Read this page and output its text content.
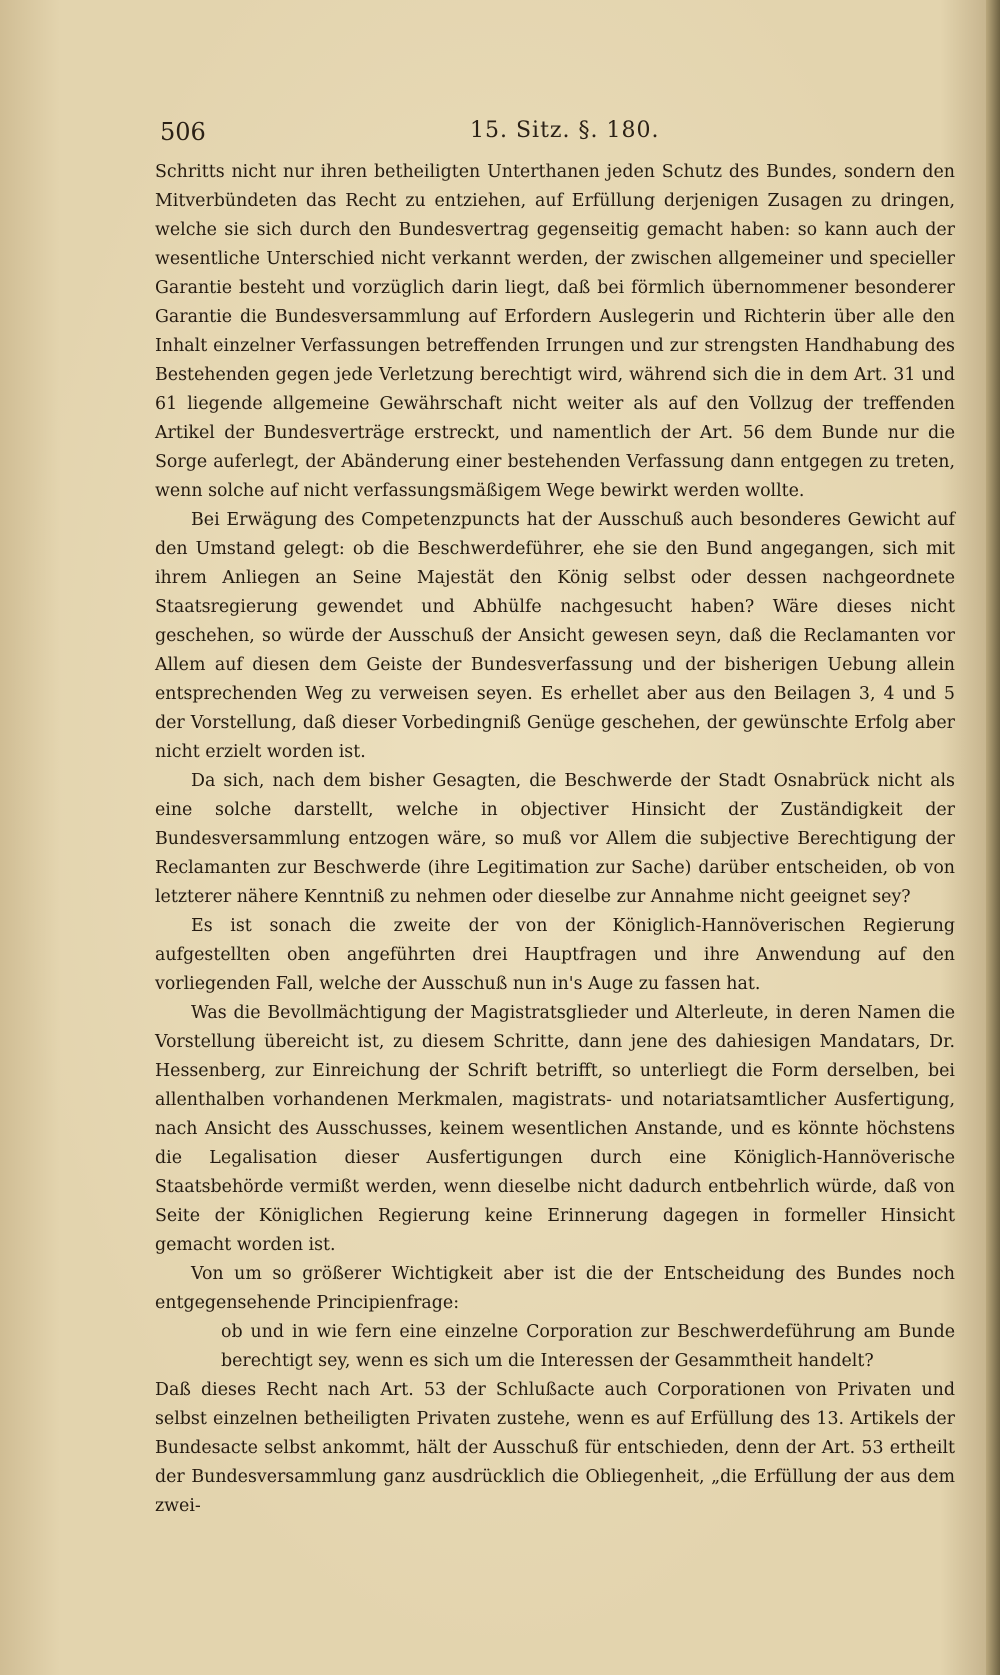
506	15. Sitz. §. 180.

Schritts nicht nur ihren betheiligten Unterthanen jeden Schutz des Bundes, sondern den Mitverbündeten das Recht zu entziehen, auf Erfüllung derjenigen Zusagen zu dringen, welche sie sich durch den Bundesvertrag gegenseitig gemacht haben: so kann auch der wesentliche Unterschied nicht verkannt werden, der zwischen allgemeiner und specieller Garantie besteht und vorzüglich darin liegt, daß bei förmlich übernommener besonderer Garantie die Bundesversammlung auf Erfordern Auslegerin und Richterin über alle den Inhalt einzelner Verfassungen betreffenden Irrungen und zur strengsten Handhabung des Bestehenden gegen jede Verletzung berechtigt wird, während sich die in dem Art. 31 und 61 liegende allgemeine Gewährschaft nicht weiter als auf den Vollzug der treffenden Artikel der Bundesverträge erstreckt, und namentlich der Art. 56 dem Bunde nur die Sorge auferlegt, der Abänderung einer bestehenden Verfassung dann entgegen zu treten, wenn solche auf nicht verfassungsmäßigem Wege bewirkt werden wollte.

Bei Erwägung des Competenzpuncts hat der Ausschuß auch besonderes Gewicht auf den Umstand gelegt: ob die Beschwerdeführer, ehe sie den Bund angegangen, sich mit ihrem Anliegen an Seine Majestät den König selbst oder dessen nachgeordnete Staatsregierung gewendet und Abhülfe nachgesucht haben? Wäre dieses nicht geschehen, so würde der Ausschuß der Ansicht gewesen seyn, daß die Reclamanten vor Allem auf diesen dem Geiste der Bundesverfassung und der bisherigen Uebung allein entsprechenden Weg zu verweisen seyen. Es erhellet aber aus den Beilagen 3, 4 und 5 der Vorstellung, daß dieser Vorbedingniß Genüge geschehen, der gewünschte Erfolg aber nicht erzielt worden ist.

Da sich, nach dem bisher Gesagten, die Beschwerde der Stadt Osnabrück nicht als eine solche darstellt, welche in objectiver Hinsicht der Zuständigkeit der Bundesversammlung entzogen wäre, so muß vor Allem die subjective Berechtigung der Reclamanten zur Beschwerde (ihre Legitimation zur Sache) darüber entscheiden, ob von letzterer nähere Kenntniß zu nehmen oder dieselbe zur Annahme nicht geeignet sey?

Es ist sonach die zweite der von der Königlich-Hannöverischen Regierung aufgestellten oben angeführten drei Hauptfragen und ihre Anwendung auf den vorliegenden Fall, welche der Ausschuß nun in's Auge zu fassen hat.

Was die Bevollmächtigung der Magistratsglieder und Alterleute, in deren Namen die Vorstellung übereicht ist, zu diesem Schritte, dann jene des dahiesigen Mandatars, Dr. Hessenberg, zur Einreichung der Schrift betrifft, so unterliegt die Form derselben, bei allenthalben vorhandenen Merkmalen, magistrats- und notariatsamtlicher Ausfertigung, nach Ansicht des Ausschusses, keinem wesentlichen Anstande, und es könnte höchstens die Legalisation dieser Ausfertigungen durch eine Königlich-Hannöverische Staatsbehörde vermißt werden, wenn dieselbe nicht dadurch entbehrlich würde, daß von Seite der Königlichen Regierung keine Erinnerung dagegen in formeller Hinsicht gemacht worden ist.

Von um so größerer Wichtigkeit aber ist die der Entscheidung des Bundes noch entgegensehende Principienfrage:

ob und in wie fern eine einzelne Corporation zur Beschwerdeführung am Bunde berechtigt sey, wenn es sich um die Interessen der Gesammtheit handelt?

Daß dieses Recht nach Art. 53 der Schlußacte auch Corporationen von Privaten und selbst einzelnen betheiligten Privaten zustehe, wenn es auf Erfüllung des 13. Artikels der Bundesacte selbst ankommt, hält der Ausschuß für entschieden, denn der Art. 53 ertheilt der Bundesversammlung ganz ausdrücklich die Obliegenheit, „die Erfüllung der aus dem zwei-
